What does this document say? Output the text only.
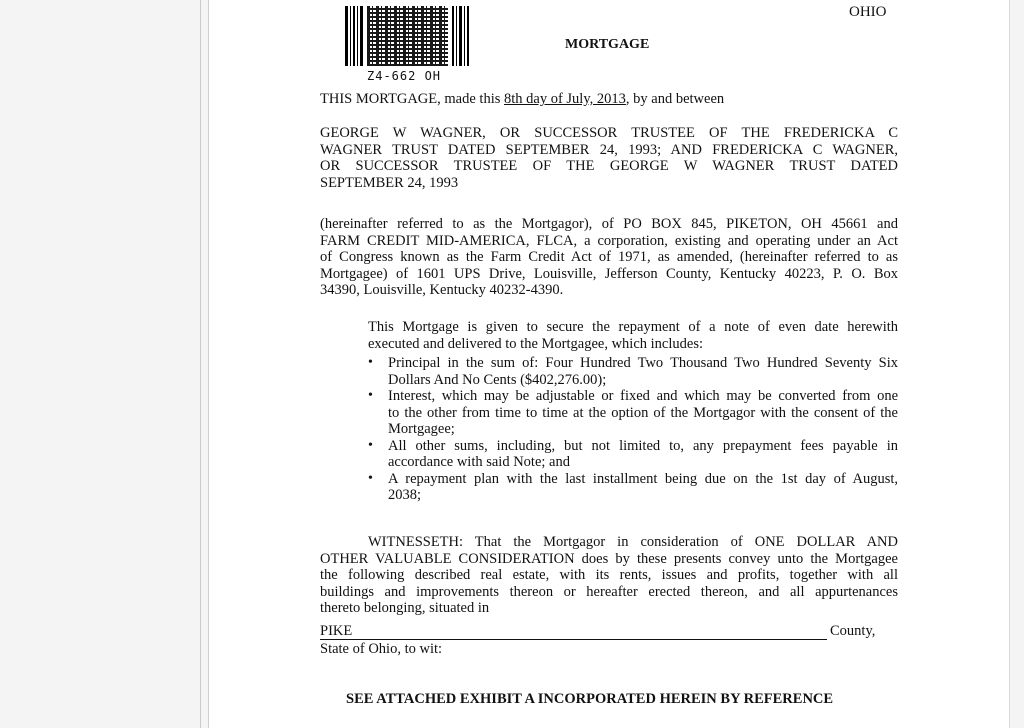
Z4-662 OH
OHIO
MORTGAGE
THIS MORTGAGE, made this 8th day of July, 2013, by and between
GEORGE W WAGNER, OR SUCCESSOR TRUSTEE OF THE FREDERICKA C
WAGNER TRUST DATED SEPTEMBER 24, 1993; AND FREDERICKA C WAGNER,
OR SUCCESSOR TRUSTEE OF THE GEORGE W WAGNER TRUST DATED
SEPTEMBER 24, 1993
(hereinafter referred to as the Mortgagor), of PO BOX 845, PIKETON, OH 45661 and
FARM CREDIT MID-AMERICA, FLCA, a corporation, existing and operating under an Act
of Congress known as the Farm Credit Act of 1971, as amended, (hereinafter referred to as
Mortgagee) of 1601 UPS Drive, Louisville, Jefferson County, Kentucky 40223, P. O. Box
34390, Louisville, Kentucky 40232-4390.
This Mortgage is given to secure the repayment of a note of even date herewith
executed and delivered to the Mortgagee, which includes:
•	Principal in the sum of: Four Hundred Two Thousand Two Hundred Seventy Six
Dollars And No Cents ($402,276.00);
•	Interest, which may be adjustable or fixed and which may be converted from one
to the other from time to time at the option of the Mortgagor with the consent of the Mortgagee;
•	All other sums, including, but not limited to, any prepayment fees payable in
accordance with said Note; and
•	A repayment plan with the last installment being due on the 1st day of August,
2038;
WITNESSETH: That the Mortgagor in consideration of ONE DOLLAR AND
OTHER VALUABLE CONSIDERATION does by these presents convey unto the Mortgagee
the following described real estate, with its rents, issues and profits, together with all
buildings and improvements thereon or hereafter erected thereon, and all appurtenances
thereto belonging, situated in
PIKE	County,
State of Ohio, to wit:
SEE ATTACHED EXHIBIT A INCORPORATED HEREIN BY REFERENCE
